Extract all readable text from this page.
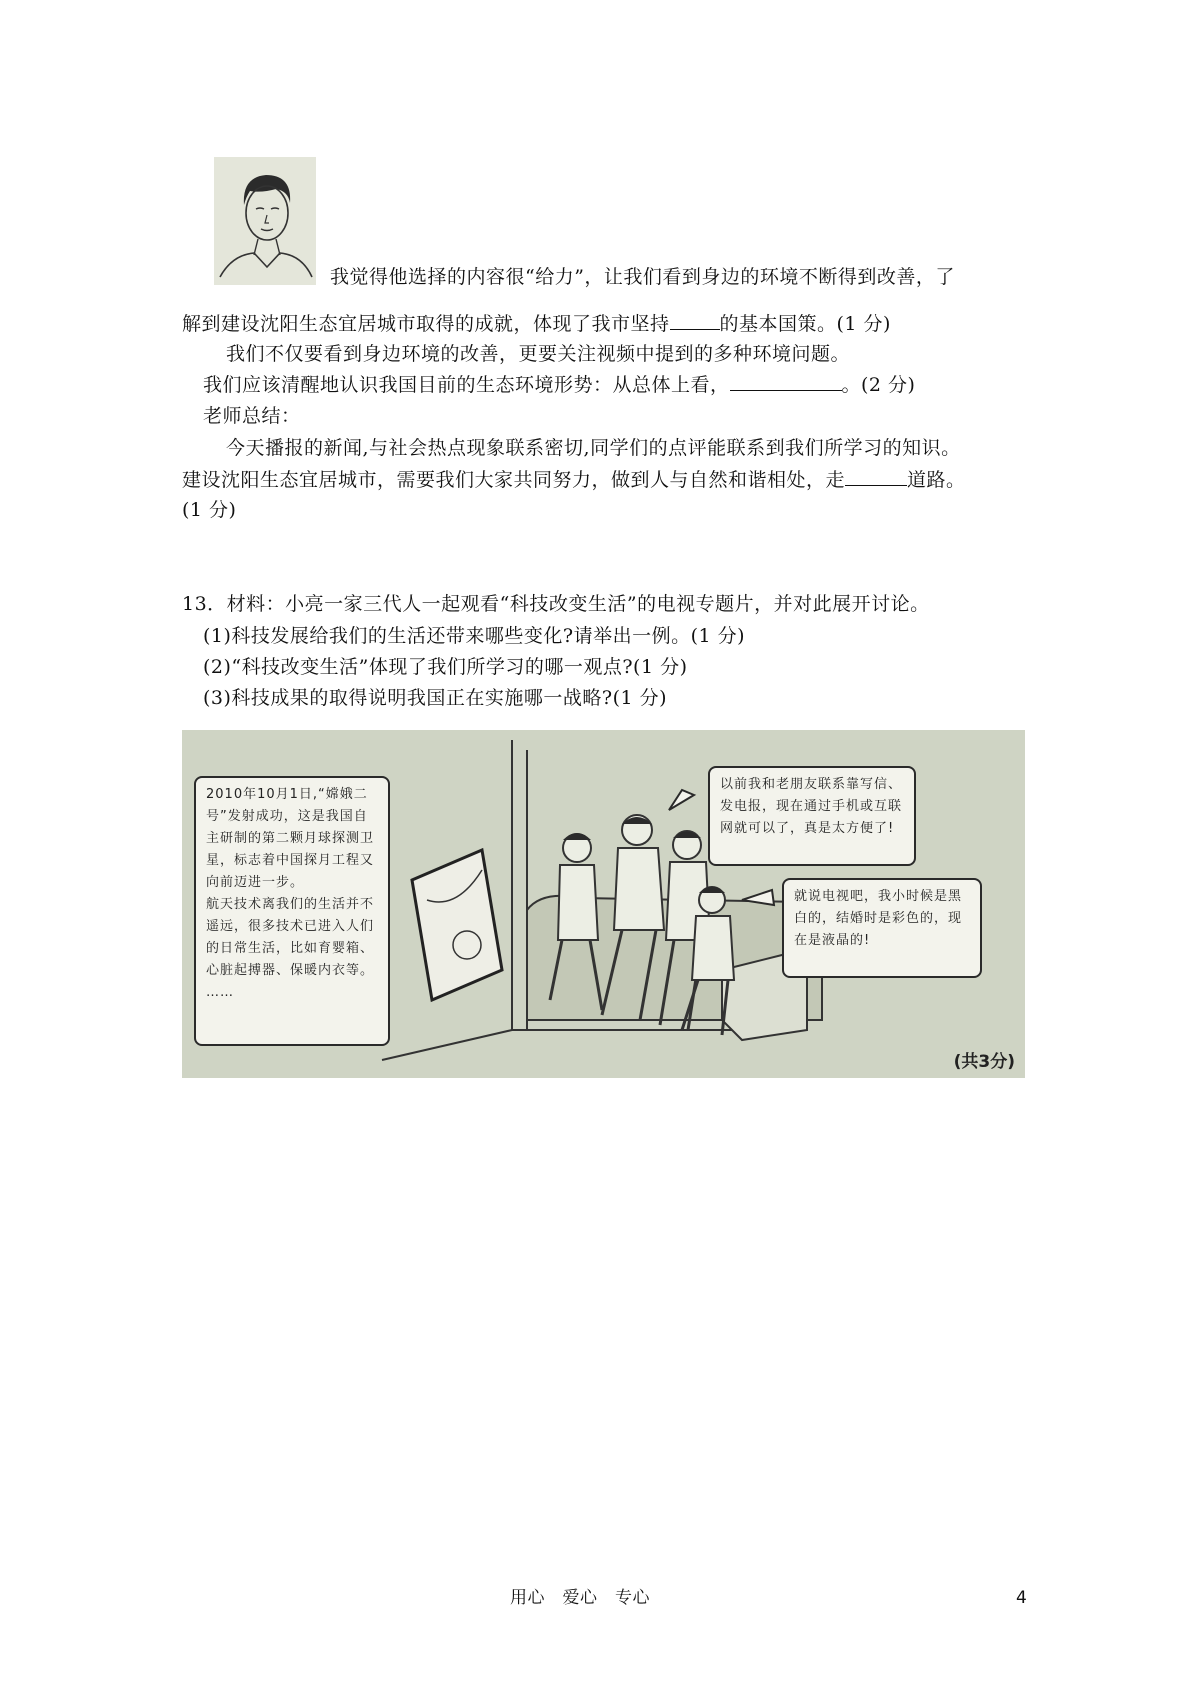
我觉得他选择的内容很“给力”，让我们看到身边的环境不断得到改善，了
解到建设沈阳生态宜居城市取得的成就，体现了我市坚持	的基本国策。(1 分)
我们不仅要看到身边环境的改善，更要关注视频中提到的多种环境问题。
我们应该清醒地认识我国目前的生态环境形势：从总体上看，	。(2 分)
老师总结：
今天播报的新闻,与社会热点现象联系密切,同学们的点评能联系到我们所学习的知识。
建设沈阳生态宜居城市，需要我们大家共同努力，做到人与自然和谐相处，走	道路。
(1 分)
13．材料：小亮一家三代人一起观看“科技改变生活”的电视专题片，并对此展开讨论。
(1)科技发展给我们的生活还带来哪些变化?请举出一例。(1 分)
(2)“科技改变生活”体现了我们所学习的哪一观点?(1 分)
(3)科技成果的取得说明我国正在实施哪一战略?(1 分)
2010年10月1日,“嫦娥二号”发射成功，这是我国自主研制的第二颗月球探测卫星，标志着中国探月工程又向前迈进一步。
航天技术离我们的生活并不遥远，很多技术已进入人们的日常生活，比如育婴箱、心脏起搏器、保暖内衣等。
……
以前我和老朋友联系靠写信、发电报，现在通过手机或互联网就可以了，真是太方便了!
就说电视吧，我小时候是黑白的，结婚时是彩色的，现在是液晶的!
(共3分)
用心　爱心　专心	4
